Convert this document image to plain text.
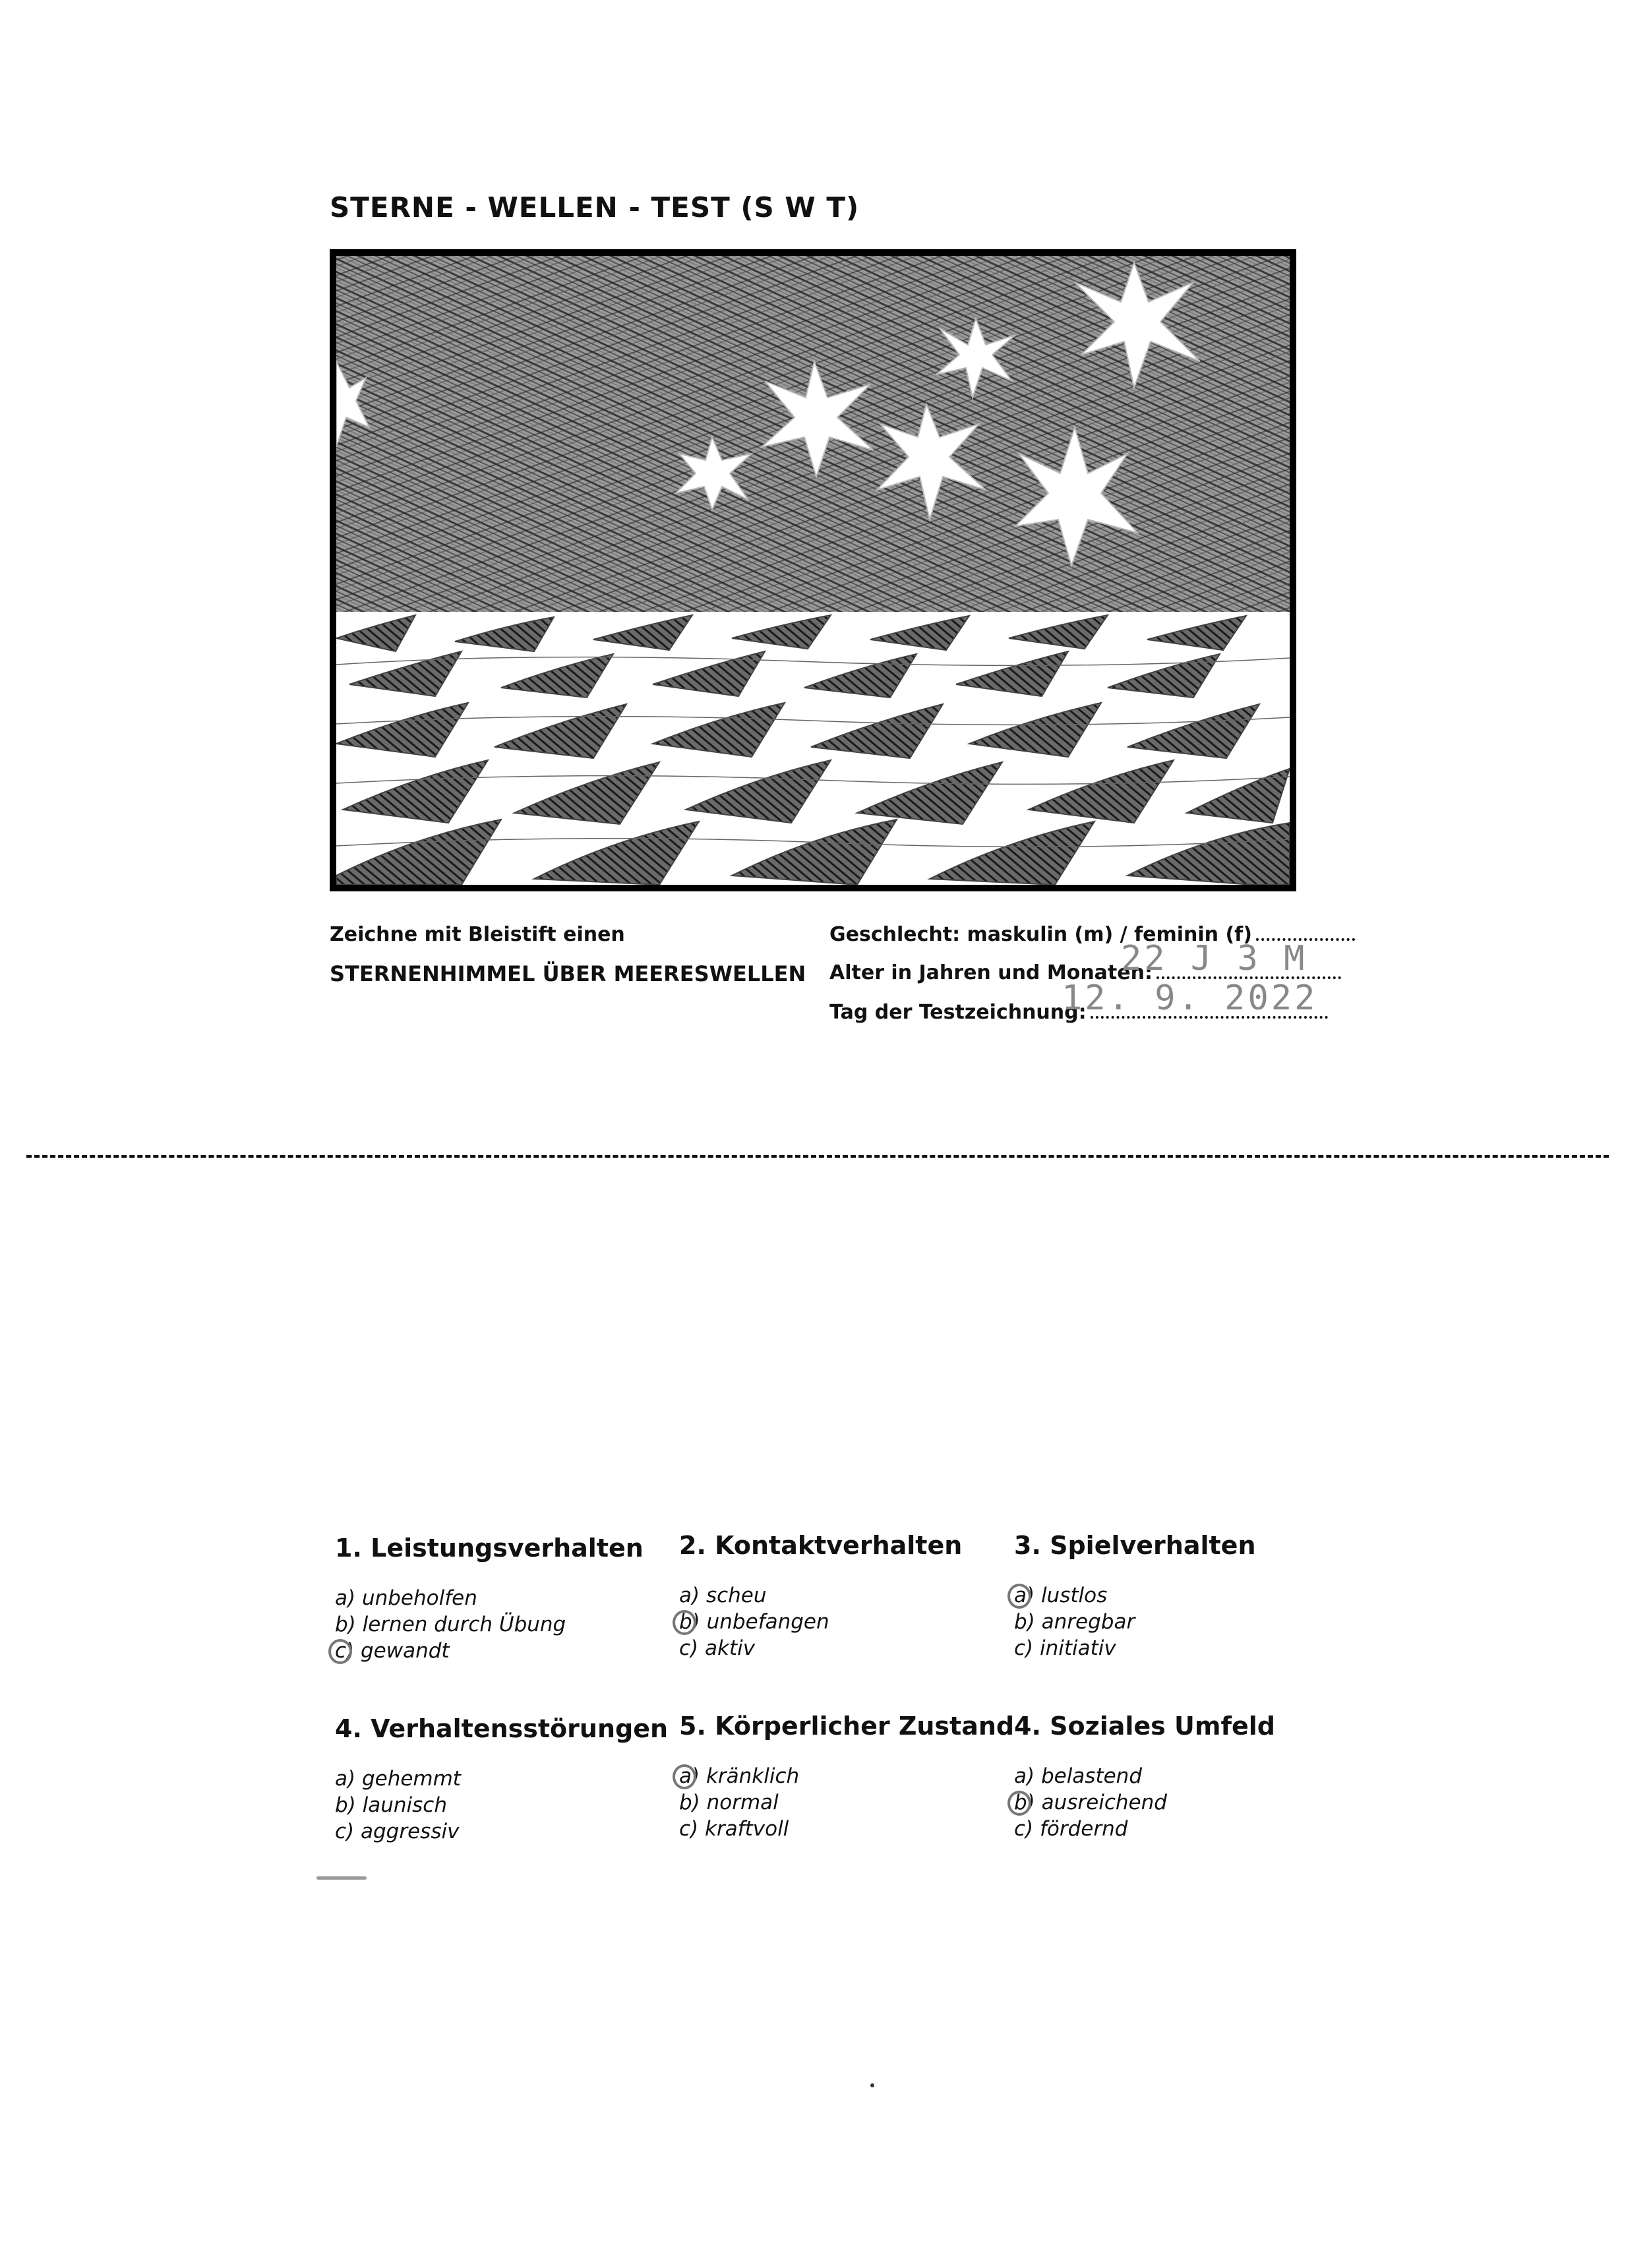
STERNE - WELLEN - TEST (S W T)
Zeichne mit Bleistift einen
STERNENHIMMEL ÜBER MEERESWELLEN
Geschlecht: maskulin (m) / feminin (f)
Alter in Jahren und Monaten:
Tag der Testzeichnung:
22 J 3 M
12. 9. 2022
1. Leistungsverhalten
a) unbeholfen
b) lernen durch Übung
c) gewandt
2. Kontaktverhalten
a) scheu
b) unbefangen
c) aktiv
3. Spielverhalten
a) lustlos
b) anregbar
c) initiativ
4. Verhaltensstörungen
a) gehemmt
b) launisch
c) aggressiv
5. Körperlicher Zustand
a) kränklich
b) normal
c) kraftvoll
4. Soziales Umfeld
a) belastend
b) ausreichend
c) fördernd
